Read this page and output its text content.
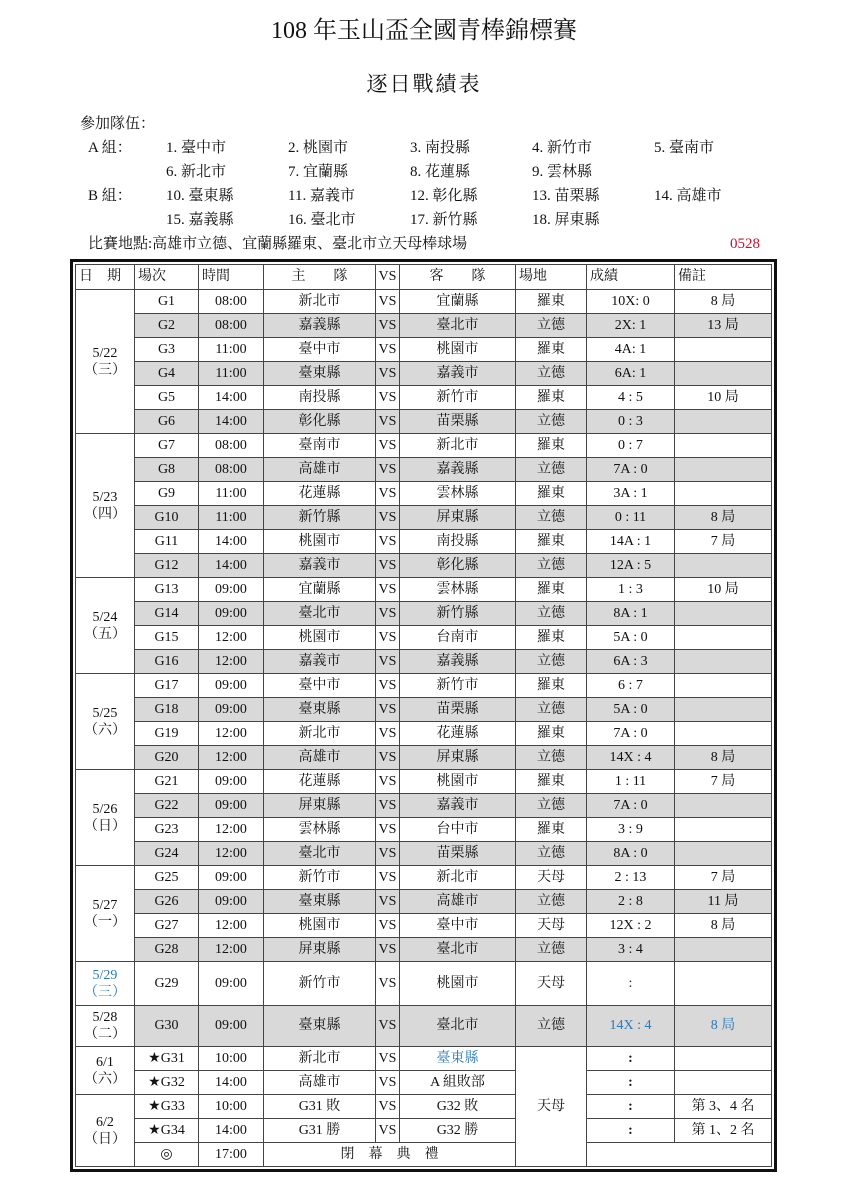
108 年玉山盃全國青棒錦標賽
逐日戰績表
參加隊伍：
A 組：	1. 臺中市	2. 桃園市	3. 南投縣	4. 新竹市	5. 臺南市
6. 新北市	7. 宜蘭縣	8. 花蓮縣	9. 雲林縣
B 組：	10. 臺東縣	11. 嘉義市	12. 彰化縣	13. 苗栗縣	14. 高雄市
15. 嘉義縣	16. 臺北市	17. 新竹縣	18. 屏東縣
比賽地點:高雄市立德、宜蘭縣羅東、臺北市立天母棒球場	0528
日　期	場次	時間	主　　隊	VS	客　　隊	場地	成績	備註

5/22
（三）	G1	08:00	新北市	VS	宜蘭縣	羅東	10X: 0	8 局
	G2	08:00	嘉義縣	VS	臺北市	立德	2X: 1	13 局
	G3	11:00	臺中市	VS	桃園市	羅東	4A: 1	
	G4	11:00	臺東縣	VS	嘉義市	立德	6A: 1	
	G5	14:00	南投縣	VS	新竹市	羅東	4 : 5	10 局
	G6	14:00	彰化縣	VS	苗栗縣	立德	0 : 3	

5/23
（四）	G7	08:00	臺南市	VS	新北市	羅東	0 : 7	
	G8	08:00	高雄市	VS	嘉義縣	立德	7A : 0	
	G9	11:00	花蓮縣	VS	雲林縣	羅東	3A : 1	
	G10	11:00	新竹縣	VS	屏東縣	立德	0 : 11	8 局
	G11	14:00	桃園市	VS	南投縣	羅東	14A : 1	7 局
	G12	14:00	嘉義市	VS	彰化縣	立德	12A : 5	

5/24
（五）	G13	09:00	宜蘭縣	VS	雲林縣	羅東	1 : 3	10 局
	G14	09:00	臺北市	VS	新竹縣	立德	8A : 1	
	G15	12:00	桃園市	VS	台南市	羅東	5A : 0	
	G16	12:00	嘉義市	VS	嘉義縣	立德	6A : 3	

5/25
（六）	G17	09:00	臺中市	VS	新竹市	羅東	6 : 7	
	G18	09:00	臺東縣	VS	苗栗縣	立德	5A : 0	
	G19	12:00	新北市	VS	花蓮縣	羅東	7A : 0	
	G20	12:00	高雄市	VS	屏東縣	立德	14X : 4	8 局

5/26
（日）	G21	09:00	花蓮縣	VS	桃園市	羅東	1 : 11	7 局
	G22	09:00	屏東縣	VS	嘉義市	立德	7A : 0	
	G23	12:00	雲林縣	VS	台中市	羅東	3 : 9	
	G24	12:00	臺北市	VS	苗栗縣	立德	8A : 0	

5/27
（一）	G25	09:00	新竹市	VS	新北市	天母	2 : 13	7 局
	G26	09:00	臺東縣	VS	高雄市	立德	2 : 8	11 局
	G27	12:00	桃園市	VS	臺中市	天母	12X : 2	8 局
	G28	12:00	屏東縣	VS	臺北市	立德	3 : 4	

5/29
（三）	G29	09:00	新竹市	VS	桃園市	天母	:	

5/28
（二）	G30	09:00	臺東縣	VS	臺北市	立德	14X : 4	8 局

6/1
（六）	★G31	10:00	新北市	VS	臺東縣	天母	:	
	★G32	14:00	高雄市	VS	A 組敗部		:	

6/2
（日）	★G33	10:00	G31 敗	VS	G32 敗		:	第 3、4 名
	★G34	14:00	G31 勝	VS	G32 勝		:	第 1、2 名
	◎	17:00	閉　幕　典　禮					
